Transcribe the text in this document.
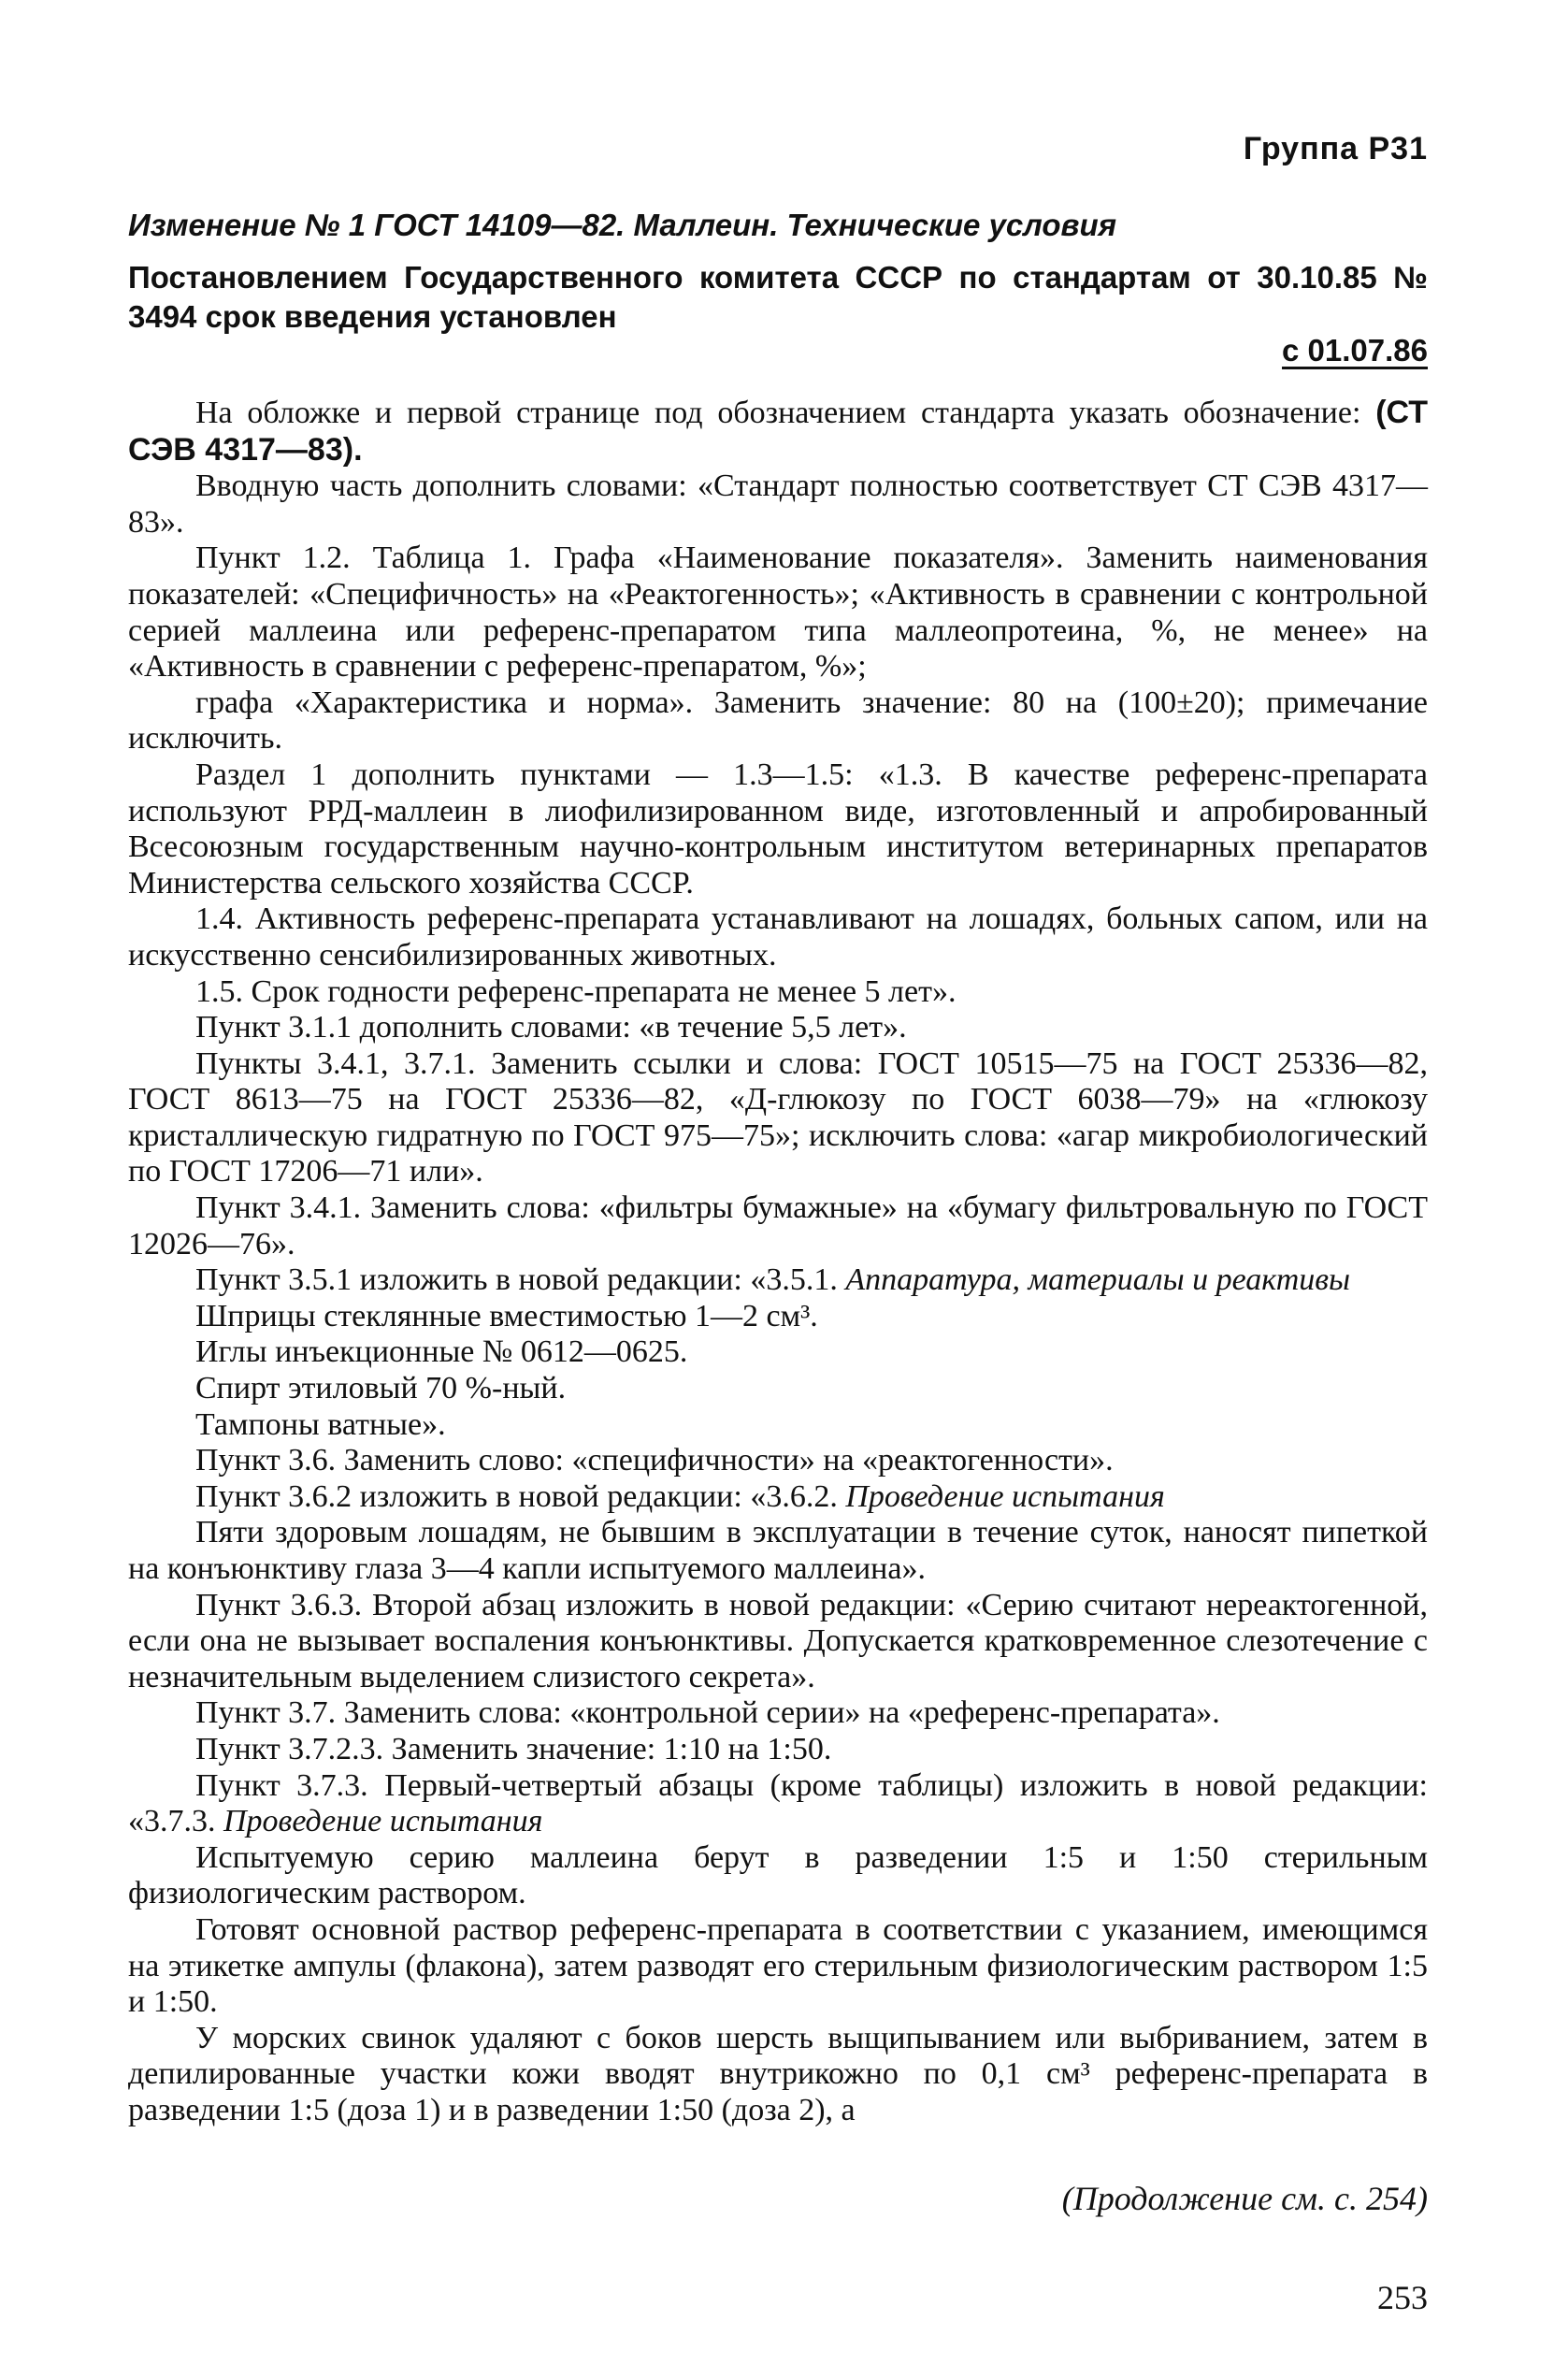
Группа Р31
Изменение № 1 ГОСТ 14109—82. Маллеин. Технические условия
Постановлением Государственного комитета СССР по стандартам от 30.10.85 № 3494 срок введения установлен
с 01.07.86

На обложке и первой странице под обозначением стандарта указать обозначение: (СТ СЭВ 4317—83).

Вводную часть дополнить словами: «Стандарт полностью соответствует СТ СЭВ 4317—83».

Пункт 1.2. Таблица 1. Графа «Наименование показателя». Заменить наименования показателей: «Специфичность» на «Реактогенность»; «Активность в сравнении с контрольной серией маллеина или референс-препаратом типа маллеопротеина, %, не менее» на «Активность в сравнении с референс-препаратом, %»;

графа «Характеристика и норма». Заменить значение: 80 на (100±20); примечание исключить.

Раздел 1 дополнить пунктами — 1.3—1.5: «1.3. В качестве референс-препарата используют РРД-маллеин в лиофилизированном виде, изготовленный и апробированный Всесоюзным государственным научно-контрольным институтом ветеринарных препаратов Министерства сельского хозяйства СССР.

1.4. Активность референс-препарата устанавливают на лошадях, больных сапом, или на искусственно сенсибилизированных животных.

1.5. Срок годности референс-препарата не менее 5 лет».

Пункт 3.1.1 дополнить словами: «в течение 5,5 лет».

Пункты 3.4.1, 3.7.1. Заменить ссылки и слова: ГОСТ 10515—75 на ГОСТ 25336—82, ГОСТ 8613—75 на ГОСТ 25336—82, «Д-глюкозу по ГОСТ 6038—79» на «глюкозу кристаллическую гидратную по ГОСТ 975—75»; исключить слова: «агар микробиологический по ГОСТ 17206—71 или».

Пункт 3.4.1. Заменить слова: «фильтры бумажные» на «бумагу фильтровальную по ГОСТ 12026—76».

Пункт 3.5.1 изложить в новой редакции: «3.5.1. Аппаратура, материалы и реактивы

Шприцы стеклянные вместимостью 1—2 см³.

Иглы инъекционные № 0612—0625.

Спирт этиловый 70 %-ный.

Тампоны ватные».

Пункт 3.6. Заменить слово: «специфичности» на «реактогенности».

Пункт 3.6.2 изложить в новой редакции: «3.6.2. Проведение испытания

Пяти здоровым лошадям, не бывшим в эксплуатации в течение суток, наносят пипеткой на конъюнктиву глаза 3—4 капли испытуемого маллеина».

Пункт 3.6.3. Второй абзац изложить в новой редакции: «Серию считают нереактогенной, если она не вызывает воспаления конъюнктивы. Допускается кратковременное слезотечение с незначительным выделением слизистого секрета».

Пункт 3.7. Заменить слова: «контрольной серии» на «референс-препарата».

Пункт 3.7.2.3. Заменить значение: 1:10 на 1:50.

Пункт 3.7.3. Первый-четвертый абзацы (кроме таблицы) изложить в новой редакции: «3.7.3. Проведение испытания

Испытуемую серию маллеина берут в разведении 1:5 и 1:50 стерильным физиологическим раствором.

Готовят основной раствор референс-препарата в соответствии с указанием, имеющимся на этикетке ампулы (флакона), затем разводят его стерильным физиологическим раствором 1:5 и 1:50.

У морских свинок удаляют с боков шерсть выщипыванием или выбриванием, затем в депилированные участки кожи вводят внутрикожно по 0,1 см³ референс-препарата в разведении 1:5 (доза 1) и в разведении 1:50 (доза 2), а

(Продолжение см. с. 254)
253
